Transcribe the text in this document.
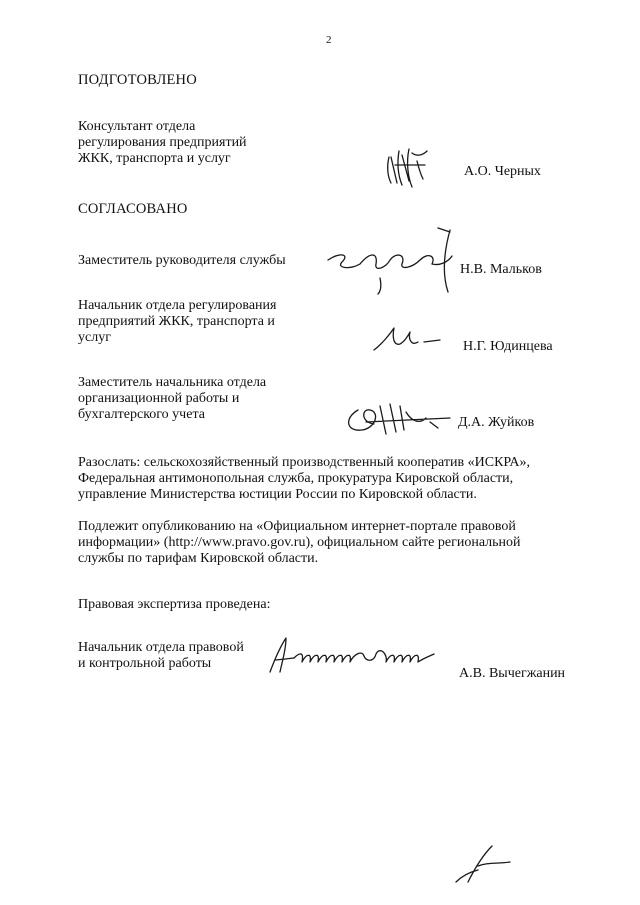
2
ПОДГОТОВЛЕНО
Консультант отдела
регулирования предприятий
ЖКК, транспорта и услуг
А.О. Черных
СОГЛАСОВАНО
Заместитель руководителя службы
Н.В. Мальков
Начальник отдела регулирования
предприятий ЖКК, транспорта и
услуг
Н.Г. Юдинцева
Заместитель начальника отдела
организационной работы и
бухгалтерского учета
Д.А. Жуйков
Разослать: сельскохозяйственный производственный кооператив «ИСКРА»,
Федеральная антимонопольная служба, прокуратура Кировской области,
управление Министерства юстиции России по Кировской области.
Подлежит опубликованию на «Официальном интернет-портале правовой
информации» (http://www.pravo.gov.ru), официальном сайте региональной
службы по тарифам Кировской области.
Правовая экспертиза проведена:
Начальник отдела правовой
и контрольной работы
А.В. Вычегжанин
